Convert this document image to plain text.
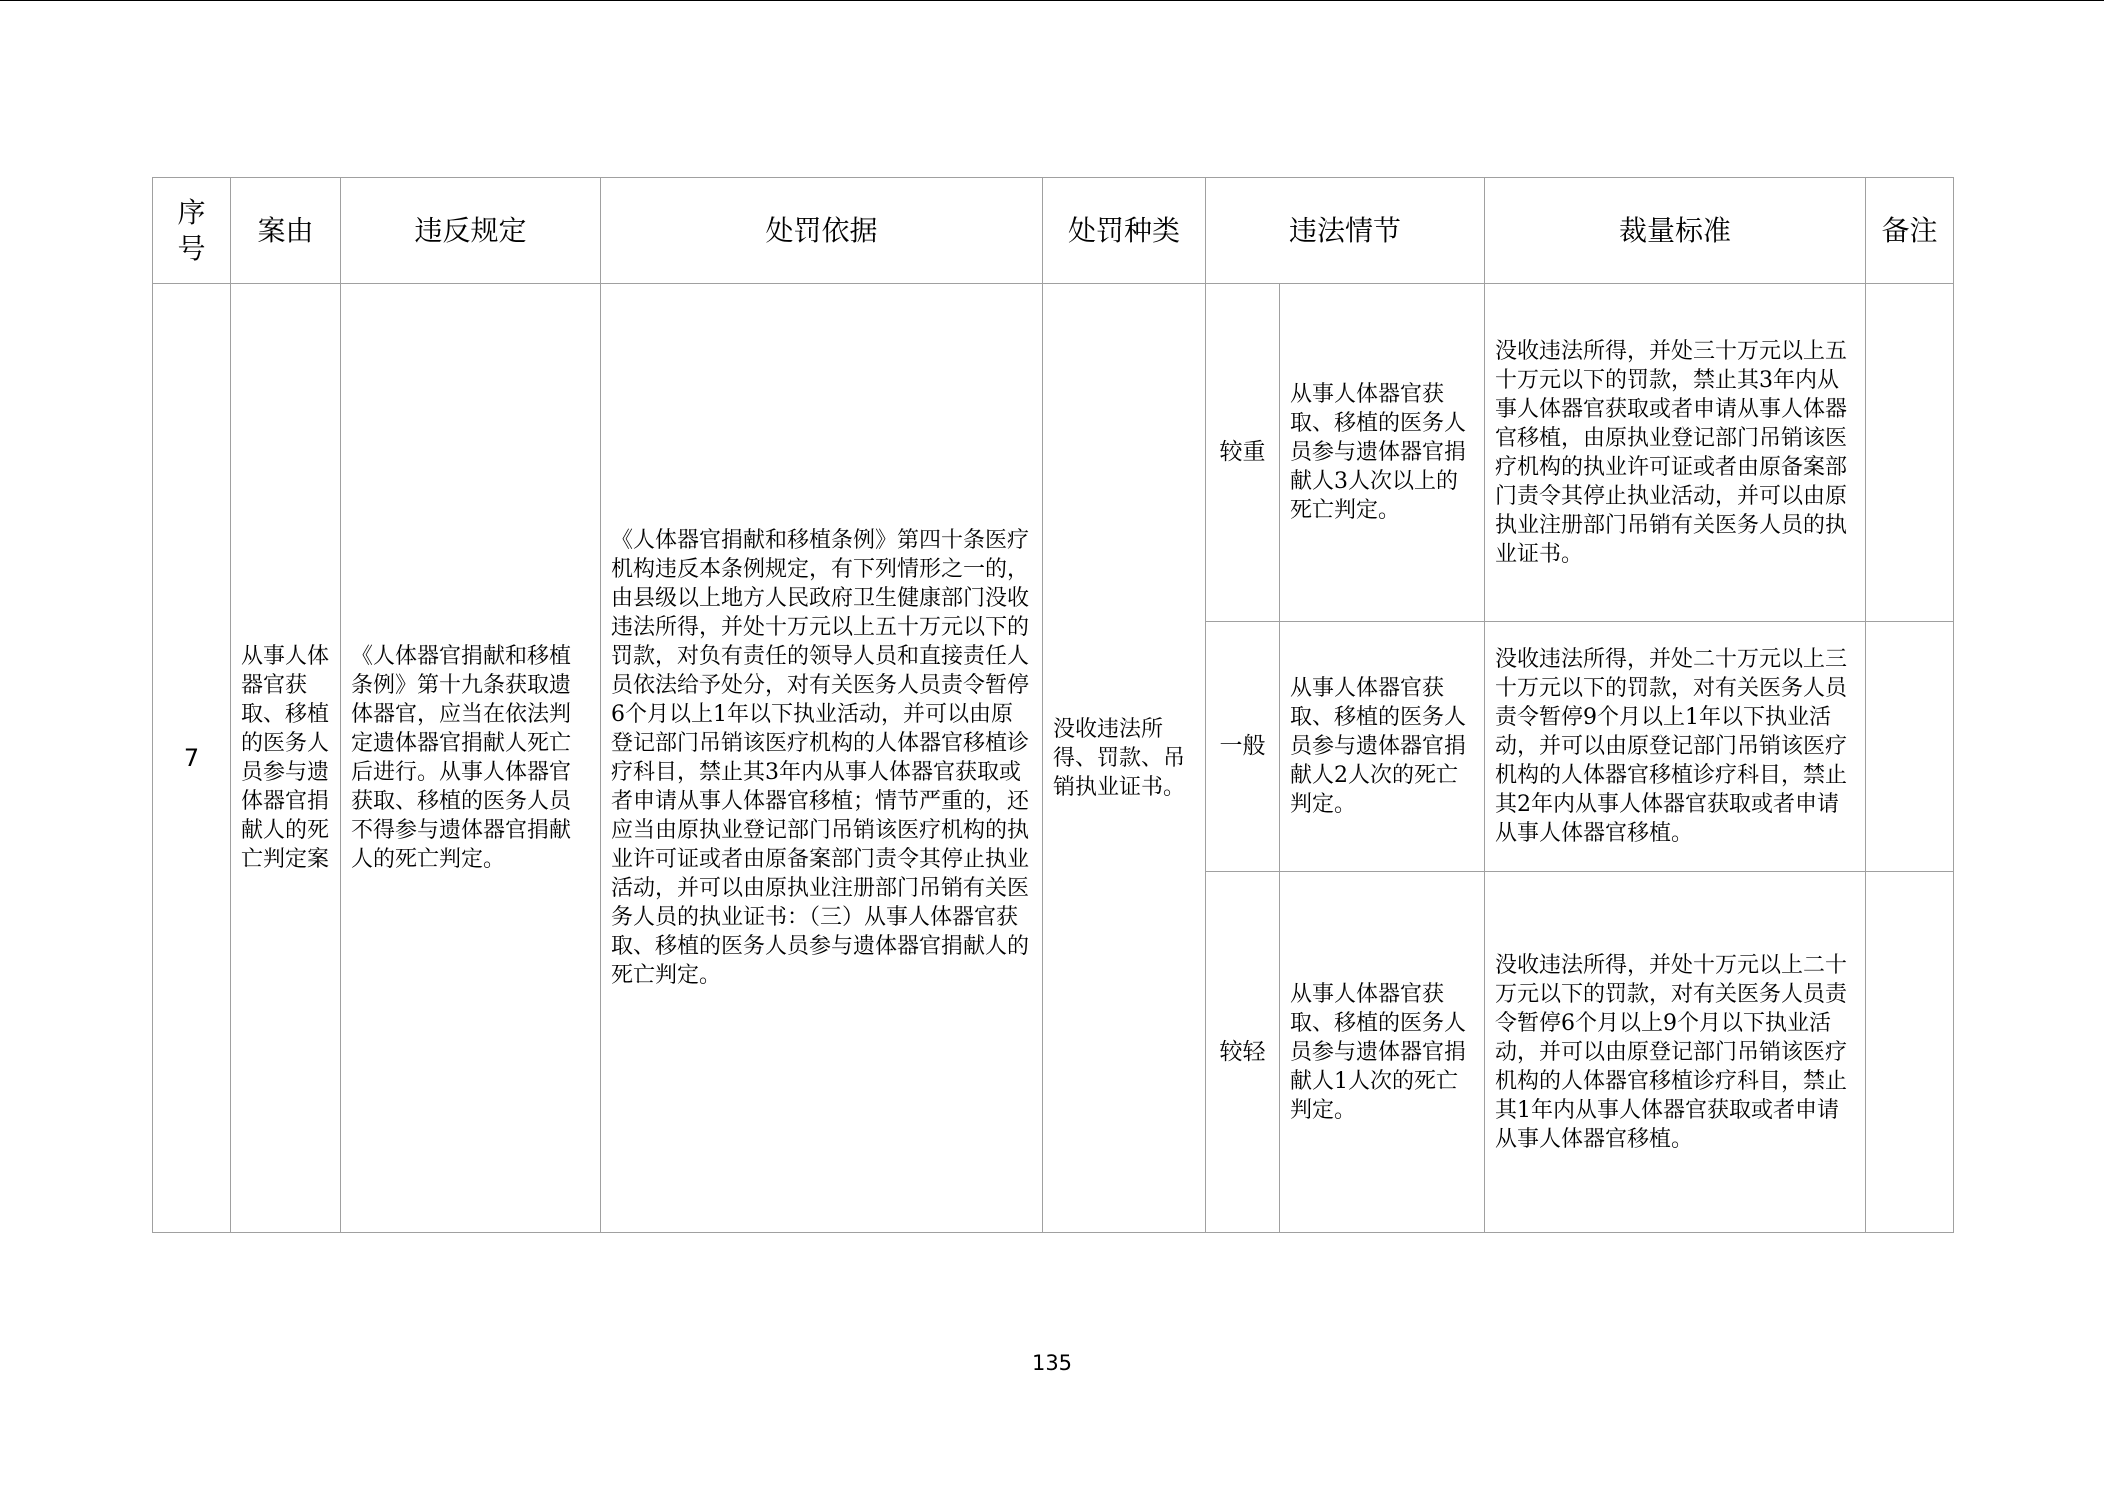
序
号	案由	违反规定	处罚依据	处罚种类	违法情节		裁量标准	备注

7	从事人体器官获取、移植的医务人员参与遗体器官捐献人的死亡判定案	《人体器官捐献和移植条例》第十九条获取遗体器官，应当在依法判定遗体器官捐献人死亡后进行。从事人体器官获取、移植的医务人员不得参与遗体器官捐献人的死亡判定。	《人体器官捐献和移植条例》第四十条医疗机构违反本条例规定，有下列情形之一的，由县级以上地方人民政府卫生健康部门没收违法所得，并处十万元以上五十万元以下的罚款，对负有责任的领导人员和直接责任人员依法给予处分，对有关医务人员责令暂停6个月以上1年以下执业活动，并可以由原登记部门吊销该医疗机构的人体器官移植诊疗科目，禁止其3年内从事人体器官获取或者申请从事人体器官移植；情节严重的，还应当由原执业登记部门吊销该医疗机构的执业许可证或者由原备案部门责令其停止执业活动，并可以由原执业注册部门吊销有关医务人员的执业证书：（三）从事人体器官获取、移植的医务人员参与遗体器官捐献人的死亡判定。	没收违法所得、罚款、吊销执业证书。	较重	从事人体器官获取、移植的医务人员参与遗体器官捐献人3人次以上的死亡判定。	没收违法所得，并处三十万元以上五十万元以下的罚款，禁止其3年内从事人体器官获取或者申请从事人体器官移植，由原执业登记部门吊销该医疗机构的执业许可证或者由原备案部门责令其停止执业活动，并可以由原执业注册部门吊销有关医务人员的执业证书。	

					一般	从事人体器官获取、移植的医务人员参与遗体器官捐献人2人次的死亡判定。	没收违法所得，并处二十万元以上三十万元以下的罚款，对有关医务人员责令暂停9个月以上1年以下执业活动，并可以由原登记部门吊销该医疗机构的人体器官移植诊疗科目，禁止其2年内从事人体器官获取或者申请从事人体器官移植。	

					较轻	从事人体器官获取、移植的医务人员参与遗体器官捐献人1人次的死亡判定。	没收违法所得，并处十万元以上二十万元以下的罚款，对有关医务人员责令暂停6个月以上9个月以下执业活动，并可以由原登记部门吊销该医疗机构的人体器官移植诊疗科目，禁止其1年内从事人体器官获取或者申请从事人体器官移植。	

135
